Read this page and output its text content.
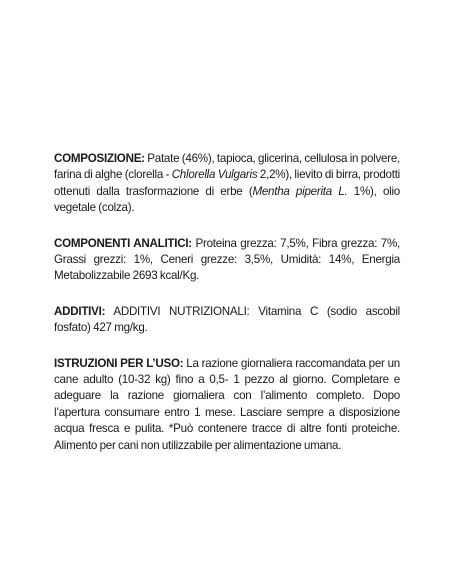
COMPOSIZIONE: Patate (46%), tapioca, glicerina, cellulosa in polvere, farina di alghe (clorella - Chlorella Vulgaris 2,2%), lievito di birra, prodotti ottenuti dalla trasformazione di erbe (Mentha piperita L. 1%), olio vegetale (colza).

COMPONENTI ANALITICI: Proteina grezza: 7,5%, Fibra grezza: 7%, Grassi grezzi: 1%, Ceneri grezze: 3,5%, Umidità: 14%, Energia Metabolizzabile 2693 kcal/Kg.

ADDITIVI: ADDITIVI NUTRIZIONALI: Vitamina C (sodio ascobil fosfato) 427 mg/kg.

ISTRUZIONI PER L’USO: La razione giornaliera raccomandata per un cane adulto (10-32 kg) fino a 0,5- 1 pezzo al giorno. Completare e adeguare la razione giornaliera con l’alimento completo. Dopo l’apertura consumare entro 1 mese. Lasciare sempre a disposizione acqua fresca e pulita. *Può contenere tracce di altre fonti proteiche. Alimento per cani non utilizzabile per alimentazione umana.
